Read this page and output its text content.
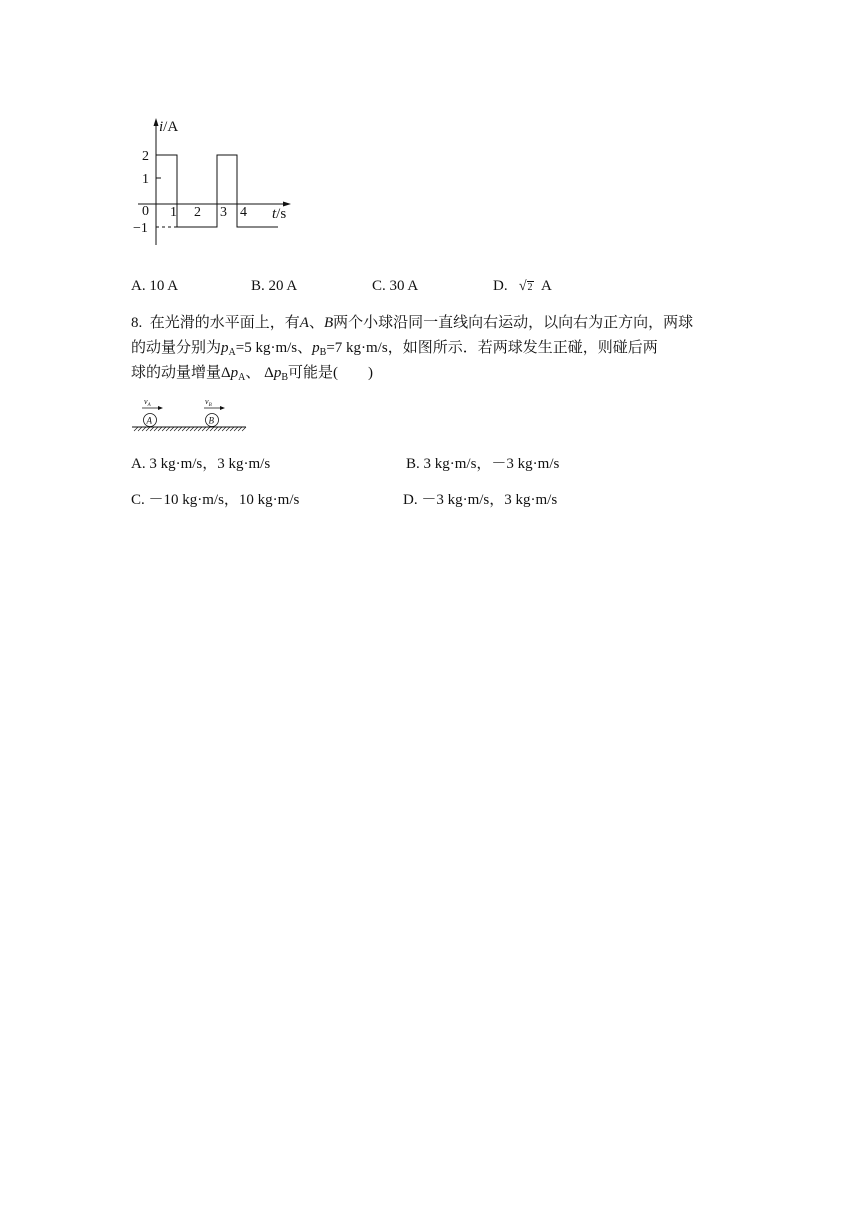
i/A
2
1
−1
0 1 2 3 4 t/s
A. 10 A	B. 20 A	C. 30 A	D. √2 A
8. 在光滑的水平面上，有A、B两个小球沿同一直线向右运动，以向右为正方向，两球
的动量分别为$p_A=5$ kg·m/s、$p_B=7$ kg·m/s，如图所示．若两球发生正碰，则碰后两
球的动量增量$\Delta p_A$、 $\Delta p_B$可能是(　　)
$v_A$	$v_B$
A	B
A. 3 kg·m/s，3 kg·m/s	B. 3 kg·m/s，－3 kg·m/s
C. －10 kg·m/s，10 kg·m/s	D. －3 kg·m/s，3 kg·m/s
